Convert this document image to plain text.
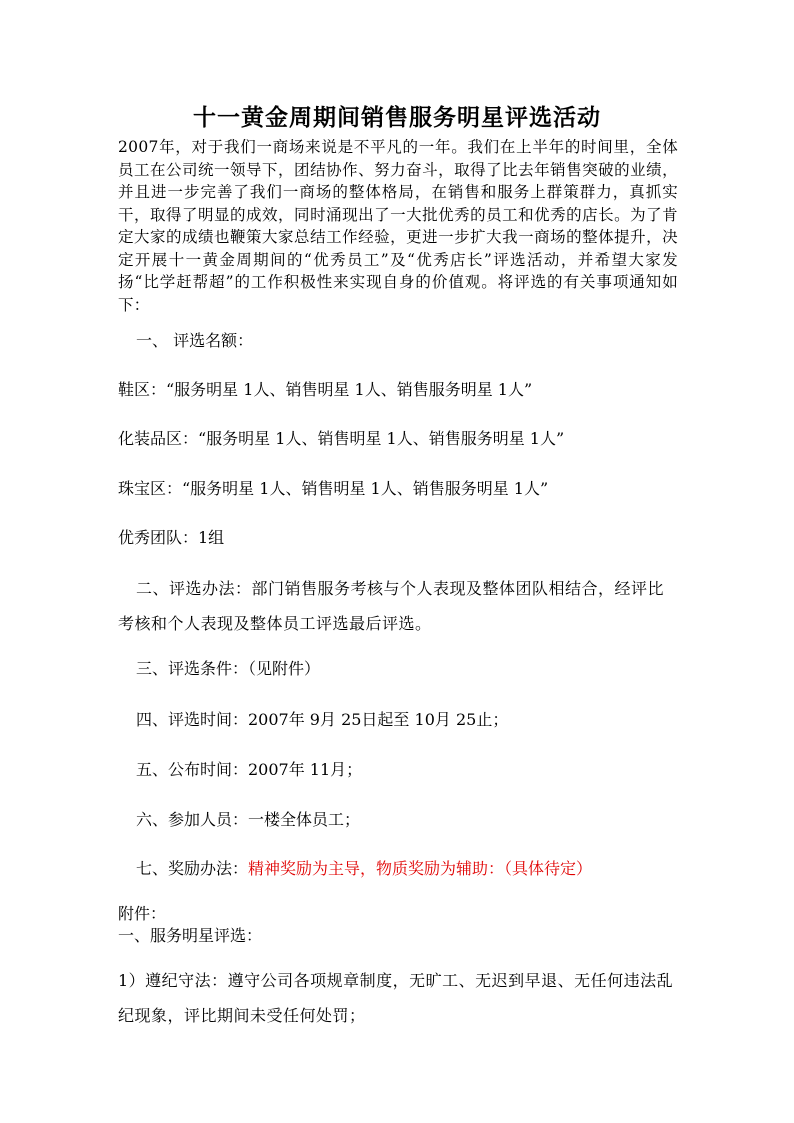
十一黄金周期间销售服务明星评选活动

2007年，对于我们一商场来说是不平凡的一年。我们在上半年的时间里，全体员工在公司统一领导下，团结协作、努力奋斗，取得了比去年销售突破的业绩，并且进一步完善了我们一商场的整体格局，在销售和服务上群策群力，真抓实干，取得了明显的成效，同时涌现出了一大批优秀的员工和优秀的店长。为了肯定大家的成绩也鞭策大家总结工作经验，更进一步扩大我一商场的整体提升，决定开展十一黄金周期间的“优秀员工”及“优秀店长”评选活动，并希望大家发扬“比学赶帮超”的工作积极性来实现自身的价值观。将评选的有关事项通知如下：

一、 评选名额：

鞋区：“服务明星 1人、销售明星 1人、销售服务明星 1人”

化装品区：“服务明星 1人、销售明星 1人、销售服务明星 1人”

珠宝区：“服务明星 1人、销售明星 1人、销售服务明星 1人”

优秀团队：1组

二、评选办法：部门销售服务考核与个人表现及整体团队相结合，经评比考核和个人表现及整体员工评选最后评选。

三、评选条件：（见附件）

四、评选时间：2007年 9月 25日起至 10月 25止；

五、公布时间：2007年 11月；

六、参加人员：一楼全体员工；

七、奖励办法：精神奖励为主导，物质奖励为辅助：（具体待定）

附件：

一、服务明星评选：

1）遵纪守法：遵守公司各项规章制度，无旷工、无迟到早退、无任何违法乱纪现象，评比期间未受任何处罚；
